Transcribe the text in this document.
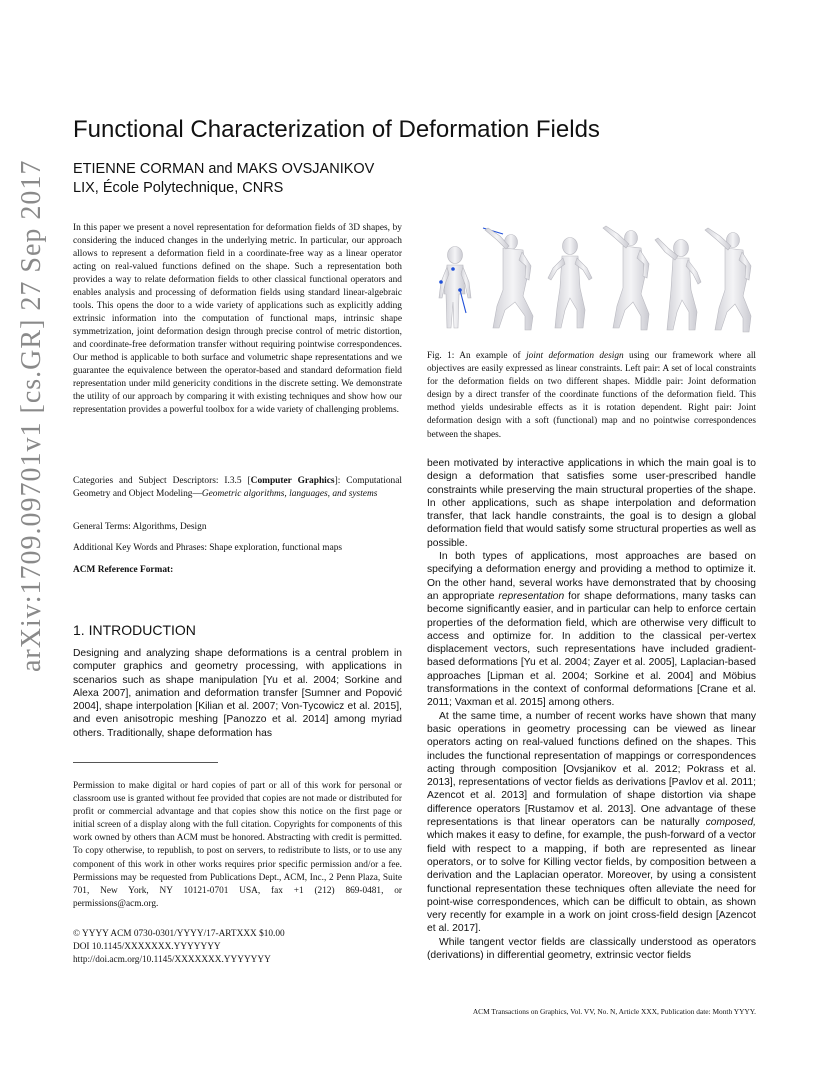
arXiv:1709.09701v1 [cs.GR] 27 Sep 2017
Functional Characterization of Deformation Fields
ETIENNE CORMAN and MAKS OVSJANIKOV
LIX, École Polytechnique, CNRS
In this paper we present a novel representation for deformation fields of 3D shapes, by considering the induced changes in the underlying metric. In particular, our approach allows to represent a deformation field in a coordinate-free way as a linear operator acting on real-valued functions defined on the shape. Such a representation both provides a way to relate deformation fields to other classical functional operators and enables analysis and processing of deformation fields using standard linear-algebraic tools. This opens the door to a wide variety of applications such as explicitly adding extrinsic information into the computation of functional maps, intrinsic shape symmetrization, joint deformation design through precise control of metric distortion, and coordinate-free deformation transfer without requiring pointwise correspondences. Our method is applicable to both surface and volumetric shape representations and we guarantee the equivalence between the operator-based and standard deformation field representation under mild genericity conditions in the discrete setting. We demonstrate the utility of our approach by comparing it with existing techniques and show how our representation provides a powerful toolbox for a wide variety of challenging problems.
Categories and Subject Descriptors: I.3.5 [Computer Graphics]: Computational Geometry and Object Modeling—Geometric algorithms, languages, and systems
General Terms: Algorithms, Design
Additional Key Words and Phrases: Shape exploration, functional maps
ACM Reference Format:
1. INTRODUCTION
Designing and analyzing shape deformations is a central problem in computer graphics and geometry processing, with applications in scenarios such as shape manipulation [Yu et al. 2004; Sorkine and Alexa 2007], animation and deformation transfer [Sumner and Popović 2004], shape interpolation [Kilian et al. 2007; Von-Tycowicz et al. 2015], and even anisotropic meshing [Panozzo et al. 2014] among myriad others. Traditionally, shape deformation has
Permission to make digital or hard copies of part or all of this work for personal or classroom use is granted without fee provided that copies are not made or distributed for profit or commercial advantage and that copies show this notice on the first page or initial screen of a display along with the full citation. Copyrights for components of this work owned by others than ACM must be honored. Abstracting with credit is permitted. To copy otherwise, to republish, to post on servers, to redistribute to lists, or to use any component of this work in other works requires prior specific permission and/or a fee. Permissions may be requested from Publications Dept., ACM, Inc., 2 Penn Plaza, Suite 701, New York, NY 10121-0701 USA, fax +1 (212) 869-0481, or permissions@acm.org.
© YYYY ACM 0730-0301/YYYY/17-ARTXXX $10.00
DOI 10.1145/XXXXXXX.YYYYYYY
http://doi.acm.org/10.1145/XXXXXXX.YYYYYYY
Fig. 1: An example of joint deformation design using our framework where all objectives are easily expressed as linear constraints. Left pair: A set of local constraints for the deformation fields on two different shapes. Middle pair: Joint deformation design by a direct transfer of the coordinate functions of the deformation field. This method yields undesirable effects as it is rotation dependent. Right pair: Joint deformation design with a soft (functional) map and no pointwise correspondences between the shapes.

been motivated by interactive applications in which the main goal is to design a deformation that satisfies some user-prescribed handle constraints while preserving the main structural properties of the shape. In other applications, such as shape interpolation and deformation transfer, that lack handle constraints, the goal is to design a global deformation field that would satisfy some structural properties as well as possible.

In both types of applications, most approaches are based on specifying a deformation energy and providing a method to optimize it. On the other hand, several works have demonstrated that by choosing an appropriate representation for shape deformations, many tasks can become significantly easier, and in particular can help to enforce certain properties of the deformation field, which are otherwise very difficult to access and optimize for. In addition to the classical per-vertex displacement vectors, such representations have included gradient-based deformations [Yu et al. 2004; Zayer et al. 2005], Laplacian-based approaches [Lipman et al. 2004; Sorkine et al. 2004] and Möbius transformations in the context of conformal deformations [Crane et al. 2011; Vaxman et al. 2015] among others.

At the same time, a number of recent works have shown that many basic operations in geometry processing can be viewed as linear operators acting on real-valued functions defined on the shapes. This includes the functional representation of mappings or correspondences acting through composition [Ovsjanikov et al. 2012; Pokrass et al. 2013], representations of vector fields as derivations [Pavlov et al. 2011; Azencot et al. 2013] and formulation of shape distortion via shape difference operators [Rustamov et al. 2013]. One advantage of these representations is that linear operators can be naturally composed, which makes it easy to define, for example, the push-forward of a vector field with respect to a mapping, if both are represented as linear operators, or to solve for Killing vector fields, by composition between a derivation and the Laplacian operator. Moreover, by using a consistent functional representation these techniques often alleviate the need for point-wise correspondences, which can be difficult to obtain, as shown very recently for example in a work on joint cross-field design [Azencot et al. 2017].

While tangent vector fields are classically understood as operators (derivations) in differential geometry, extrinsic vector fields

ACM Transactions on Graphics, Vol. VV, No. N, Article XXX, Publication date: Month YYYY.
